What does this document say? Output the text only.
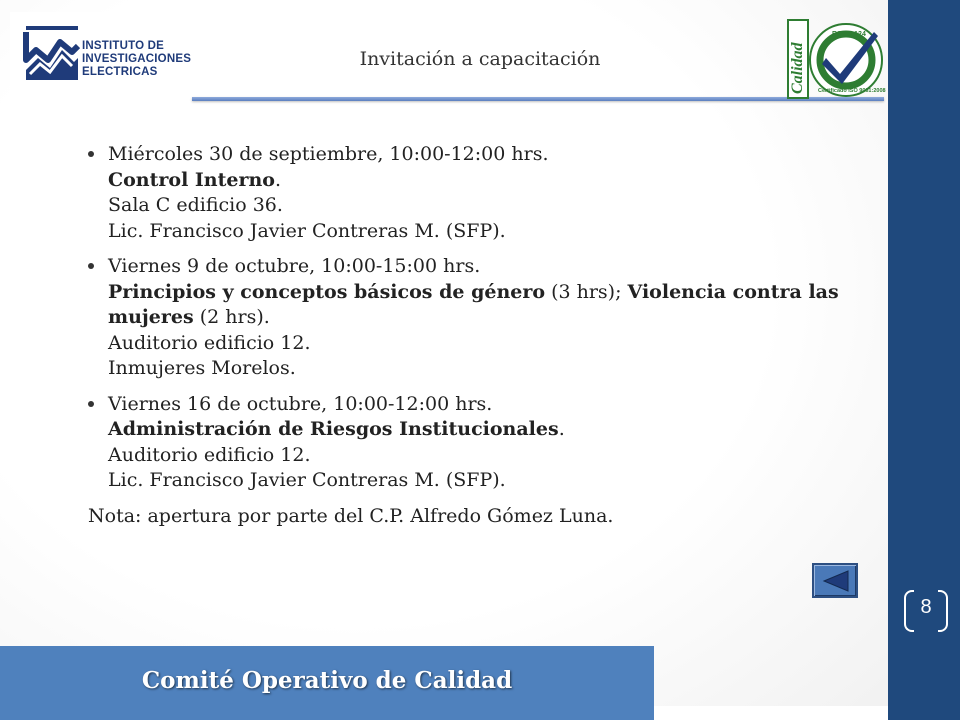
INSTITUTO DE
INVESTIGACIONES
ELECTRICAS
Invitación a capacitación	Calidad
RSGC 124
Certificado ISO 9001:2008
Miércoles 30 de septiembre, 10:00-12:00 hrs.
Control Interno.
Sala C edificio 36.
Lic. Francisco Javier Contreras M. (SFP).
Viernes 9 de octubre, 10:00-15:00 hrs.
Principios y conceptos básicos de género (3 hrs); Violencia contra las
mujeres (2 hrs).
Auditorio edificio 12.
Inmujeres Morelos.
Viernes 16 de octubre, 10:00-12:00 hrs.
Administración de Riesgos Institucionales.
Auditorio edificio 12.
Lic. Francisco Javier Contreras M. (SFP).
Nota: apertura por parte del C.P. Alfredo Gómez Luna.
8
Comité Operativo de Calidad
